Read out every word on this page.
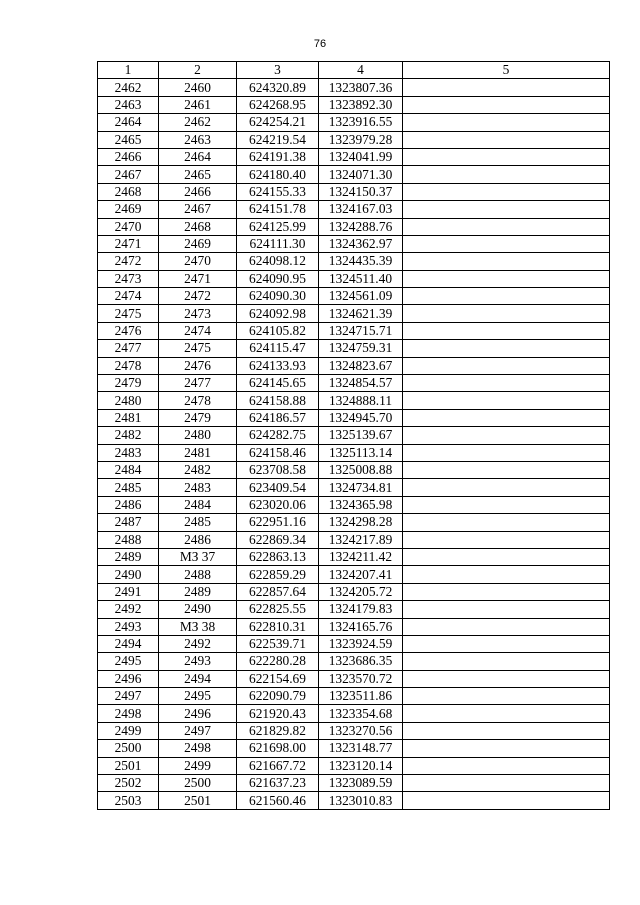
76
1	2	3	4	5
2462	2460	624320.89	1323807.36	
2463	2461	624268.95	1323892.30	
2464	2462	624254.21	1323916.55	
2465	2463	624219.54	1323979.28	
2466	2464	624191.38	1324041.99	
2467	2465	624180.40	1324071.30	
2468	2466	624155.33	1324150.37	
2469	2467	624151.78	1324167.03	
2470	2468	624125.99	1324288.76	
2471	2469	624111.30	1324362.97	
2472	2470	624098.12	1324435.39	
2473	2471	624090.95	1324511.40	
2474	2472	624090.30	1324561.09	
2475	2473	624092.98	1324621.39	
2476	2474	624105.82	1324715.71	
2477	2475	624115.47	1324759.31	
2478	2476	624133.93	1324823.67	
2479	2477	624145.65	1324854.57	
2480	2478	624158.88	1324888.11	
2481	2479	624186.57	1324945.70	
2482	2480	624282.75	1325139.67	
2483	2481	624158.46	1325113.14	
2484	2482	623708.58	1325008.88	
2485	2483	623409.54	1324734.81	
2486	2484	623020.06	1324365.98	
2487	2485	622951.16	1324298.28	
2488	2486	622869.34	1324217.89	
2489	МЗ 37	622863.13	1324211.42	
2490	2488	622859.29	1324207.41	
2491	2489	622857.64	1324205.72	
2492	2490	622825.55	1324179.83	
2493	МЗ 38	622810.31	1324165.76	
2494	2492	622539.71	1323924.59	
2495	2493	622280.28	1323686.35	
2496	2494	622154.69	1323570.72	
2497	2495	622090.79	1323511.86	
2498	2496	621920.43	1323354.68	
2499	2497	621829.82	1323270.56	
2500	2498	621698.00	1323148.77	
2501	2499	621667.72	1323120.14	
2502	2500	621637.23	1323089.59	
2503	2501	621560.46	1323010.83	
